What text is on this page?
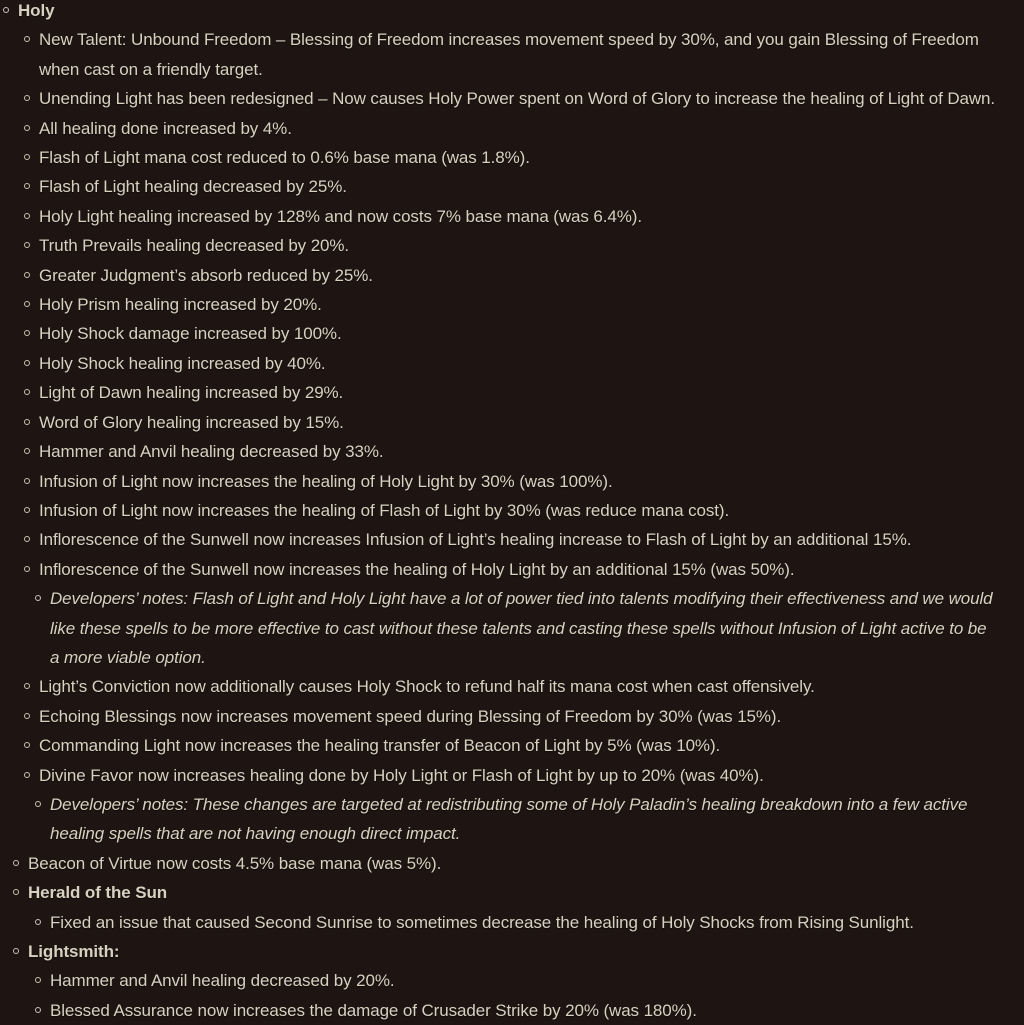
Holy
New Talent: Unbound Freedom – Blessing of Freedom increases movement speed by 30%, and you gain Blessing of Freedom when cast on a friendly target.
Unending Light has been redesigned – Now causes Holy Power spent on Word of Glory to increase the healing of Light of Dawn.
All healing done increased by 4%.
Flash of Light mana cost reduced to 0.6% base mana (was 1.8%).
Flash of Light healing decreased by 25%.
Holy Light healing increased by 128% and now costs 7% base mana (was 6.4%).
Truth Prevails healing decreased by 20%.
Greater Judgment’s absorb reduced by 25%.
Holy Prism healing increased by 20%.
Holy Shock damage increased by 100%.
Holy Shock healing increased by 40%.
Light of Dawn healing increased by 29%.
Word of Glory healing increased by 15%.
Hammer and Anvil healing decreased by 33%.
Infusion of Light now increases the healing of Holy Light by 30% (was 100%).
Infusion of Light now increases the healing of Flash of Light by 30% (was reduce mana cost).
Inflorescence of the Sunwell now increases Infusion of Light’s healing increase to Flash of Light by an additional 15%.
Inflorescence of the Sunwell now increases the healing of Holy Light by an additional 15% (was 50%).
Developers’ notes: Flash of Light and Holy Light have a lot of power tied into talents modifying their effectiveness and we would like these spells to be more effective to cast without these talents and casting these spells without Infusion of Light active to be a more viable option.
Light’s Conviction now additionally causes Holy Shock to refund half its mana cost when cast offensively.
Echoing Blessings now increases movement speed during Blessing of Freedom by 30% (was 15%).
Commanding Light now increases the healing transfer of Beacon of Light by 5% (was 10%).
Divine Favor now increases healing done by Holy Light or Flash of Light by up to 20% (was 40%).
Developers’ notes: These changes are targeted at redistributing some of Holy Paladin’s healing breakdown into a few active healing spells that are not having enough direct impact.
Beacon of Virtue now costs 4.5% base mana (was 5%).
Herald of the Sun
Fixed an issue that caused Second Sunrise to sometimes decrease the healing of Holy Shocks from Rising Sunlight.
Lightsmith:
Hammer and Anvil healing decreased by 20%.
Blessed Assurance now increases the damage of Crusader Strike by 20% (was 180%).
